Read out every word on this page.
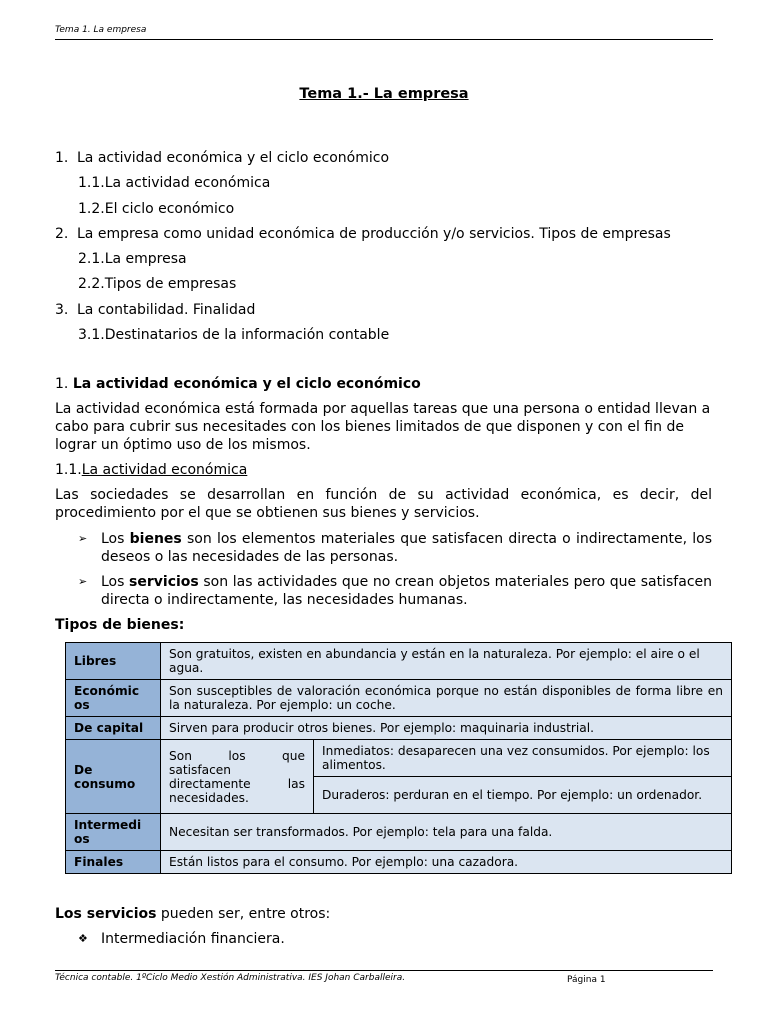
Tema 1. La empresa
Tema 1.- La empresa
1. La actividad económica y el ciclo económico
1.1.La actividad económica
1.2.El ciclo económico
2. La empresa como unidad económica de producción y/o servicios. Tipos de empresas
2.1.La empresa
2.2.Tipos de empresas
3. La contabilidad. Finalidad
3.1.Destinatarios de la información contable
1. La actividad económica y el ciclo económico
La actividad económica está formada por aquellas tareas que una persona o entidad llevan a cabo para cubrir sus necesitades con los bienes limitados de que disponen y con el fin de lograr un óptimo uso de los mismos.
1.1.La actividad económica
Las sociedades se desarrollan en función de su actividad económica, es decir, del procedimiento por el que se obtienen sus bienes y servicios.
➢ Los bienes son los elementos materiales que satisfacen directa o indirectamente, los deseos o las necesidades de las personas.
➢ Los servicios son las actividades que no crean objetos materiales pero que satisfacen directa o indirectamente, las necesidades humanas.
Tipos de bienes:
Libres	Son gratuitos, existen en abundancia y están en la naturaleza. Por ejemplo: el aire o el agua.	
Económic os	Son susceptibles de valoración económica porque no están disponibles de forma libre en la naturaleza. Por ejemplo: un coche.	
De capital	Sirven para producir otros bienes. Por ejemplo: maquinaria industrial.	
De consumo	Son los que satisfacen directamente las necesidades.	Inmediatos: desaparecen una vez consumidos. Por ejemplo: los alimentos.
		Duraderos: perduran en el tiempo. Por ejemplo: un ordenador.
Intermedi os	Necesitan ser transformados. Por ejemplo: tela para una falda.	
Finales	Están listos para el consumo. Por ejemplo: una cazadora.	
Los servicios pueden ser, entre otros:
❖ Intermediación financiera.
Técnica contable. 1ºCiclo Medio Xestión Administrativa. IES Johan Carballeira.	Página 1
